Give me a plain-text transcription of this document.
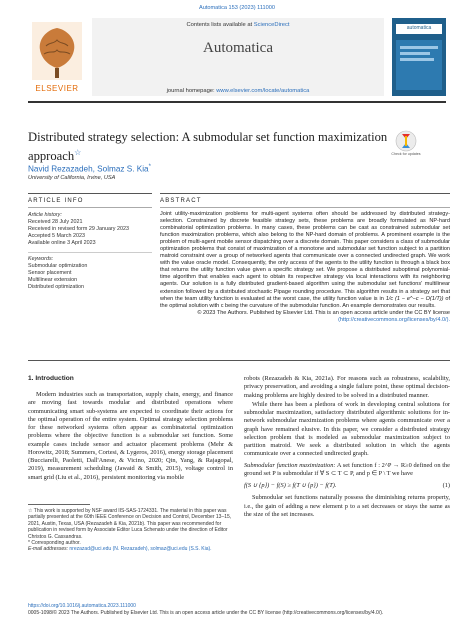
Automatica 153 (2023) 111000
ELSEVIER
Contents lists available at ScienceDirect
Automatica
journal homepage: www.elsevier.com/locate/automatica
automatica
Distributed strategy selection: A submodular set function maximization approach☆	Check for updates
Navid Rezazadeh, Solmaz S. Kia*
University of California, Irvine, USA
ARTICLE INFO	ABSTRACT
Article history:
Received 28 July 2021
Received in revised form 29 January 2023
Accepted 5 March 2023
Available online 3 April 2023
Keywords:
Submodular optimization
Sensor placement
Multilinear extension
Distributed optimization

Joint utility-maximization problems for multi-agent systems often should be addressed by distributed strategy-selection. Constrained by discrete feasible strategy sets, these problems are broadly formulated as NP-hard combinatorial optimization problems. In many cases, these problems can be cast as constrained submodular set function maximization problems, which also belong to the NP-hard domain of problems. A prominent example is the problem of multi-agent mobile sensor dispatching over a discrete domain. This paper considers a class of submodular optimization problems that consist of maximization of a monotone and submodular set function subject to a partition matroid constraint over a group of networked agents that communicate over a connected undirected graph. We work with the value oracle model. Consequently, the only access of the agents to the utility function is through a black box that returns the utility function value given a specific strategy set. We propose a distributed suboptimal polynomial-time algorithm that enables each agent to obtain its respective strategy via local interactions with its neighboring agents. Our solution is a fully distributed gradient-based algorithm using the submodular set functions' multilinear extension followed by a distributed stochastic Pipage rounding procedure. This algorithm results in a strategy set that when the team utility function is evaluated at the worst case, the utility function value is in 1/c (1 − e^−c − O(1/T)) of the optimal solution with c being the curvature of the submodular function. An example demonstrates our results.

© 2023 The Authors. Published by Elsevier Ltd. This is an open access article under the CC BY license (http://creativecommons.org/licenses/by/4.0/).

1. Introduction

Modern industries such as transportation, supply chain, energy, and finance are moving fast towards modular and distributed operations where communicating smart sub-systems are expected to coordinate their actions for the optimal operation of the entire system. Optimal strategy selection problems for these networked systems often appear as combinatorial optimization problems where the objective function is a submodular set function. Some example cases include sensor and actuator placement problems (Mehr & Horowitz, 2018; Summers, Cortesi, & Lygeros, 2016), energy storage placement (Bucciarelli, Paoletti, Dall'Anese, & Vicino, 2020; Qin, Yang, & Rajagopal, 2019), measurement scheduling (Jawaid & Smith, 2015), voltage control in smart grid (Liu et al., 2016), persistent monitoring via mobile

☆ This work is supported by NSF award IIS-SAS-1724331. The material in this paper was partially presented at the 60th IEEE Conference on Decision and Control, December 13–15, 2021, Austin, Texas, USA (Rezazadeh & Kia, 2021b). This paper was recommended for publication in revised form by Associate Editor Luca Schenato under the direction of Editor Christos G. Cassandras.

* Corresponding author.

E-mail addresses: nrezazad@uci.edu (N. Rezazadeh), solmaz@uci.edu (S.S. Kia).

robots (Rezazadeh & Kia, 2021a). For reasons such as robustness, scalability, privacy preservation, and avoiding a single failure point, these optimal decision-making problems are highly desired to be solved in a distributed manner.

While there has been a plethora of work in developing central solutions for submodular maximization, satisfactory distributed algorithmic solutions for in-network submodular maximization problems where agents communicate over a graph have remained elusive. In this paper, we consider a distributed strategy selection problem that is modeled as submodular maximization subject to partition matroid. We seek a distributed solution in which the agents communicate over a connected undirected graph.

Submodular function maximization: A set function f : 2^P → R≥0 defined on the ground set P is submodular if ∀ S ⊂ T ⊂ P, and p ∈ P \ T we have

f(S ∪ {p}) − f(S) ≥ f(T ∪ {p}) − f(T).	(1)

Submodular set functions naturally possess the diminishing returns property, i.e., the gain of adding a new element p to a set decreases or stays the same as the size of the set increases.

https://doi.org/10.1016/j.automatica.2023.111000
0005-1098/© 2023 The Authors. Published by Elsevier Ltd. This is an open access article under the CC BY license (http://creativecommons.org/licenses/by/4.0/).
